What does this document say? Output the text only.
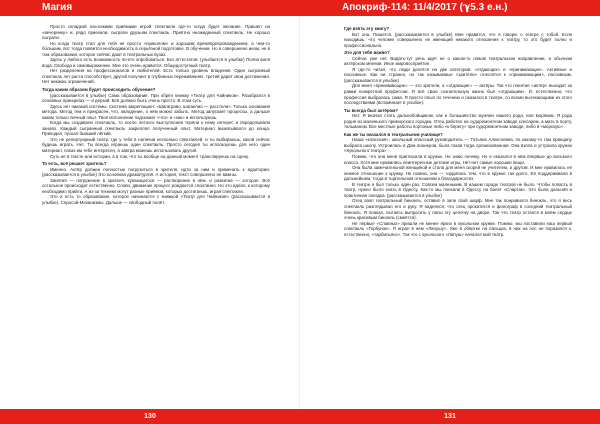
Магия	Апокриф-114: 11/4/2017 (ℽ5.3 е.н.)

Просто складкой кое-какими приёмами игрой спектакли где-то когда будет желание. Пришёл на «вечеринку» и, рядо приехали, сыграли друзьям спектакль. Приятно неожиданный спектакль. Не хорошо сыграли.

Но когда театр стал для тебя не просто «приколом» и хорошим времяпрепровождением, а чем-то бо́льшим, вот тогда появится необходимость в серьёзной подготовке. В обучении. Но в совершенно ином, не в том образовании, которое сейчас дают в театральных вузах.

Здесь у любого есть возможность по-его опробоваться. Без аттестатов. (улыбается в улыбке) Полна воля вода. Свобода и самовыражение. Мне это очень нравится. Общедоступный театр.

Нет разделения на профессионалов и любителей. Есть только уровень владения. Один сыгранный спектакль лет расти способствует, другой получает в глубинных переживаниях, третий дарит свои достижения. Нет никаких ограничений.

Тогда каким образом будет происходить обучение?

(рассказывается в улыбке) Сама образование. При обрёл книжку «Театр для Чайников». Разобрался в основных принципах — и дерзай. Всё должно быть очень просто. В этом суть.

Здесь нет никакой системы. Система закрепощает. «Шагаграво, шагаелио — расстели». Только основания метода. Метод тем и прекрасен, что, овладение, о нём можно забыть. Метод запускает процессы, а дальше каким только личный опыт. Твоё исполнение подскажет «что» и «как» и используешь.

Когда мы создавали спектакль, то после летного выступления теряли к нему интерес и переделывали заново. Каждый сыгранный спектакль закреплял полученный опыт. Материал выматывался до конца. Приходил, пускал бывший лёгкий.

Это не репертуарный театр, где у тебя в наличии несколько спектаклей, и ты выбираешь, какой сейчас будешь играть. Нет. Ты всегда играешь один спектакль. Просто сегодня ты используешь для него один материал, показ им тебе интересен, а завтра можешь использовать другой.

Суть не в тексте или истории, а в том, что ты вообще на данный момент транслируешь на сцену.

То есть, всё решает зритель?

Именно. Актёр должен полностью погрузиться в зрителя, идти за ним и применить к аудитории. (рассказывается в улыбке) Это основная драматургия. А история, текст совершенно не важны.

Занятия — погружение в зрителя, купающегося — растворение в нём, и развитие — которое. Всё остальное происходит естественно. Слово, движение процесс рождается спонтанно. Но это идеал, к которому необходимо прийти. А из-за техники могут разные приёмов, которых достигаешь, играя спектакли.

Это и есть то образование, которое начинается с книжкой «Театр для Чайников» (рассказывается в улыбке). Спросой-Механизмы. Дальше — свободный полёт.

Где взять эту книгу?

Вот она. Пишется. (рассказывается в улыбке) Мне нравится, что я говорю о театре с тобой. Если находишь, что человек совершенно не имеющий никакого отношения к театру, то это будет полно и профессионально.

Это для тебя важно?

Сейчас уже нет. Видать-тут речь идёт не о каком-то новом театральном направлении, а обычном актёрском мнении. Иное мировосприятие.

Я где-то читал, что люди делятся на две категории: «отдающих» и «принимающих». Активные и пассивные. Как ни странно, но так называемые «зрители» относятся к «принимающим», пассивным. (рассказывается в улыбке)

Для меня «принимающие» — это зрители, а «отдающие» — актёры. Так что понятие «актёр» выходит за рамки конкретной профессии. Я всё свою сознательную жизнь был «отдающим». И, естественно, что профессия выбралась сама. Я просто плыл по течению и оказался в театре, со всеми вытекающими из этого последствиями (вспоминает в улыбке).

Ты всегда был актёром?

Нет. Я вначал стать дальнобойщиком, как и большинство мужчин нашего рода, или морякам. Я рода родня из маленького приморского городка. Отец работал на судоремонтном заводе слесарем, а мать в порту, тальманом. Все местные работы портовые либо «к берегу» при судоремонтном заводе, либо в «морскую» .

Как же ты оказался в театральном училище?

Наша «классная», школьный классный руководитель — Татьяна Алексеевна, по какому-то там принципу выбрала школу. Устроилась в Дом пионеров, была такая тогда организованная. Она взяла и устроила кружок «Кукольного театра».

Помню, что она меня пригласила в кружок. Не знаю почему. Но я оказался в нём впервые до восьмого класса. Хотя мне нравились неинтересные детские игры, Нет-нет самые хорошие вещи.

Она была замечательной женщиной и стала для меня скорей не учителем, а другом. И мне нравилось её нежное отношение к кружку. Не помню, она — гордилась тем, что в кружке так долго. Её поддерживали в дальнейшем, тогда в тщательном отношении к благодарностях.

В театре я был только один раз. Совсем маленьким. В нашем городе театров не было. Чтобы попасть в театр, нужно было ехать в Одессу. Как-то мы поехали в Одессу на балет «Спартак». Это была дальняя и практичная поездка. (рассказывается в улыбке)

Отец взял театральный бинокль, оставил в зале свой шарф. Мне так понравился бинокль, что я весь спектакль разглядывал его и руку. Я надеялся, что отец прокатится и фонограф в соседний театральный бинокль. Я плакал, пытаясь выпросить у папы эту цепочку на дворе. Так что театр остался в моём сердце очень красивым бинокль (смеётся).

Не первые «Славных» пришли не менее ярких в кукольном кружке. Помню, мы поставили наш первый спектакль «Горбунок». Я играл в нём «Лапушу». Уже в обёртке на пальцах, в них на нос не поразился к, естественно, «тарбильянс». Так что с кукольного «Лапуш» начался мой театр.

130	131
